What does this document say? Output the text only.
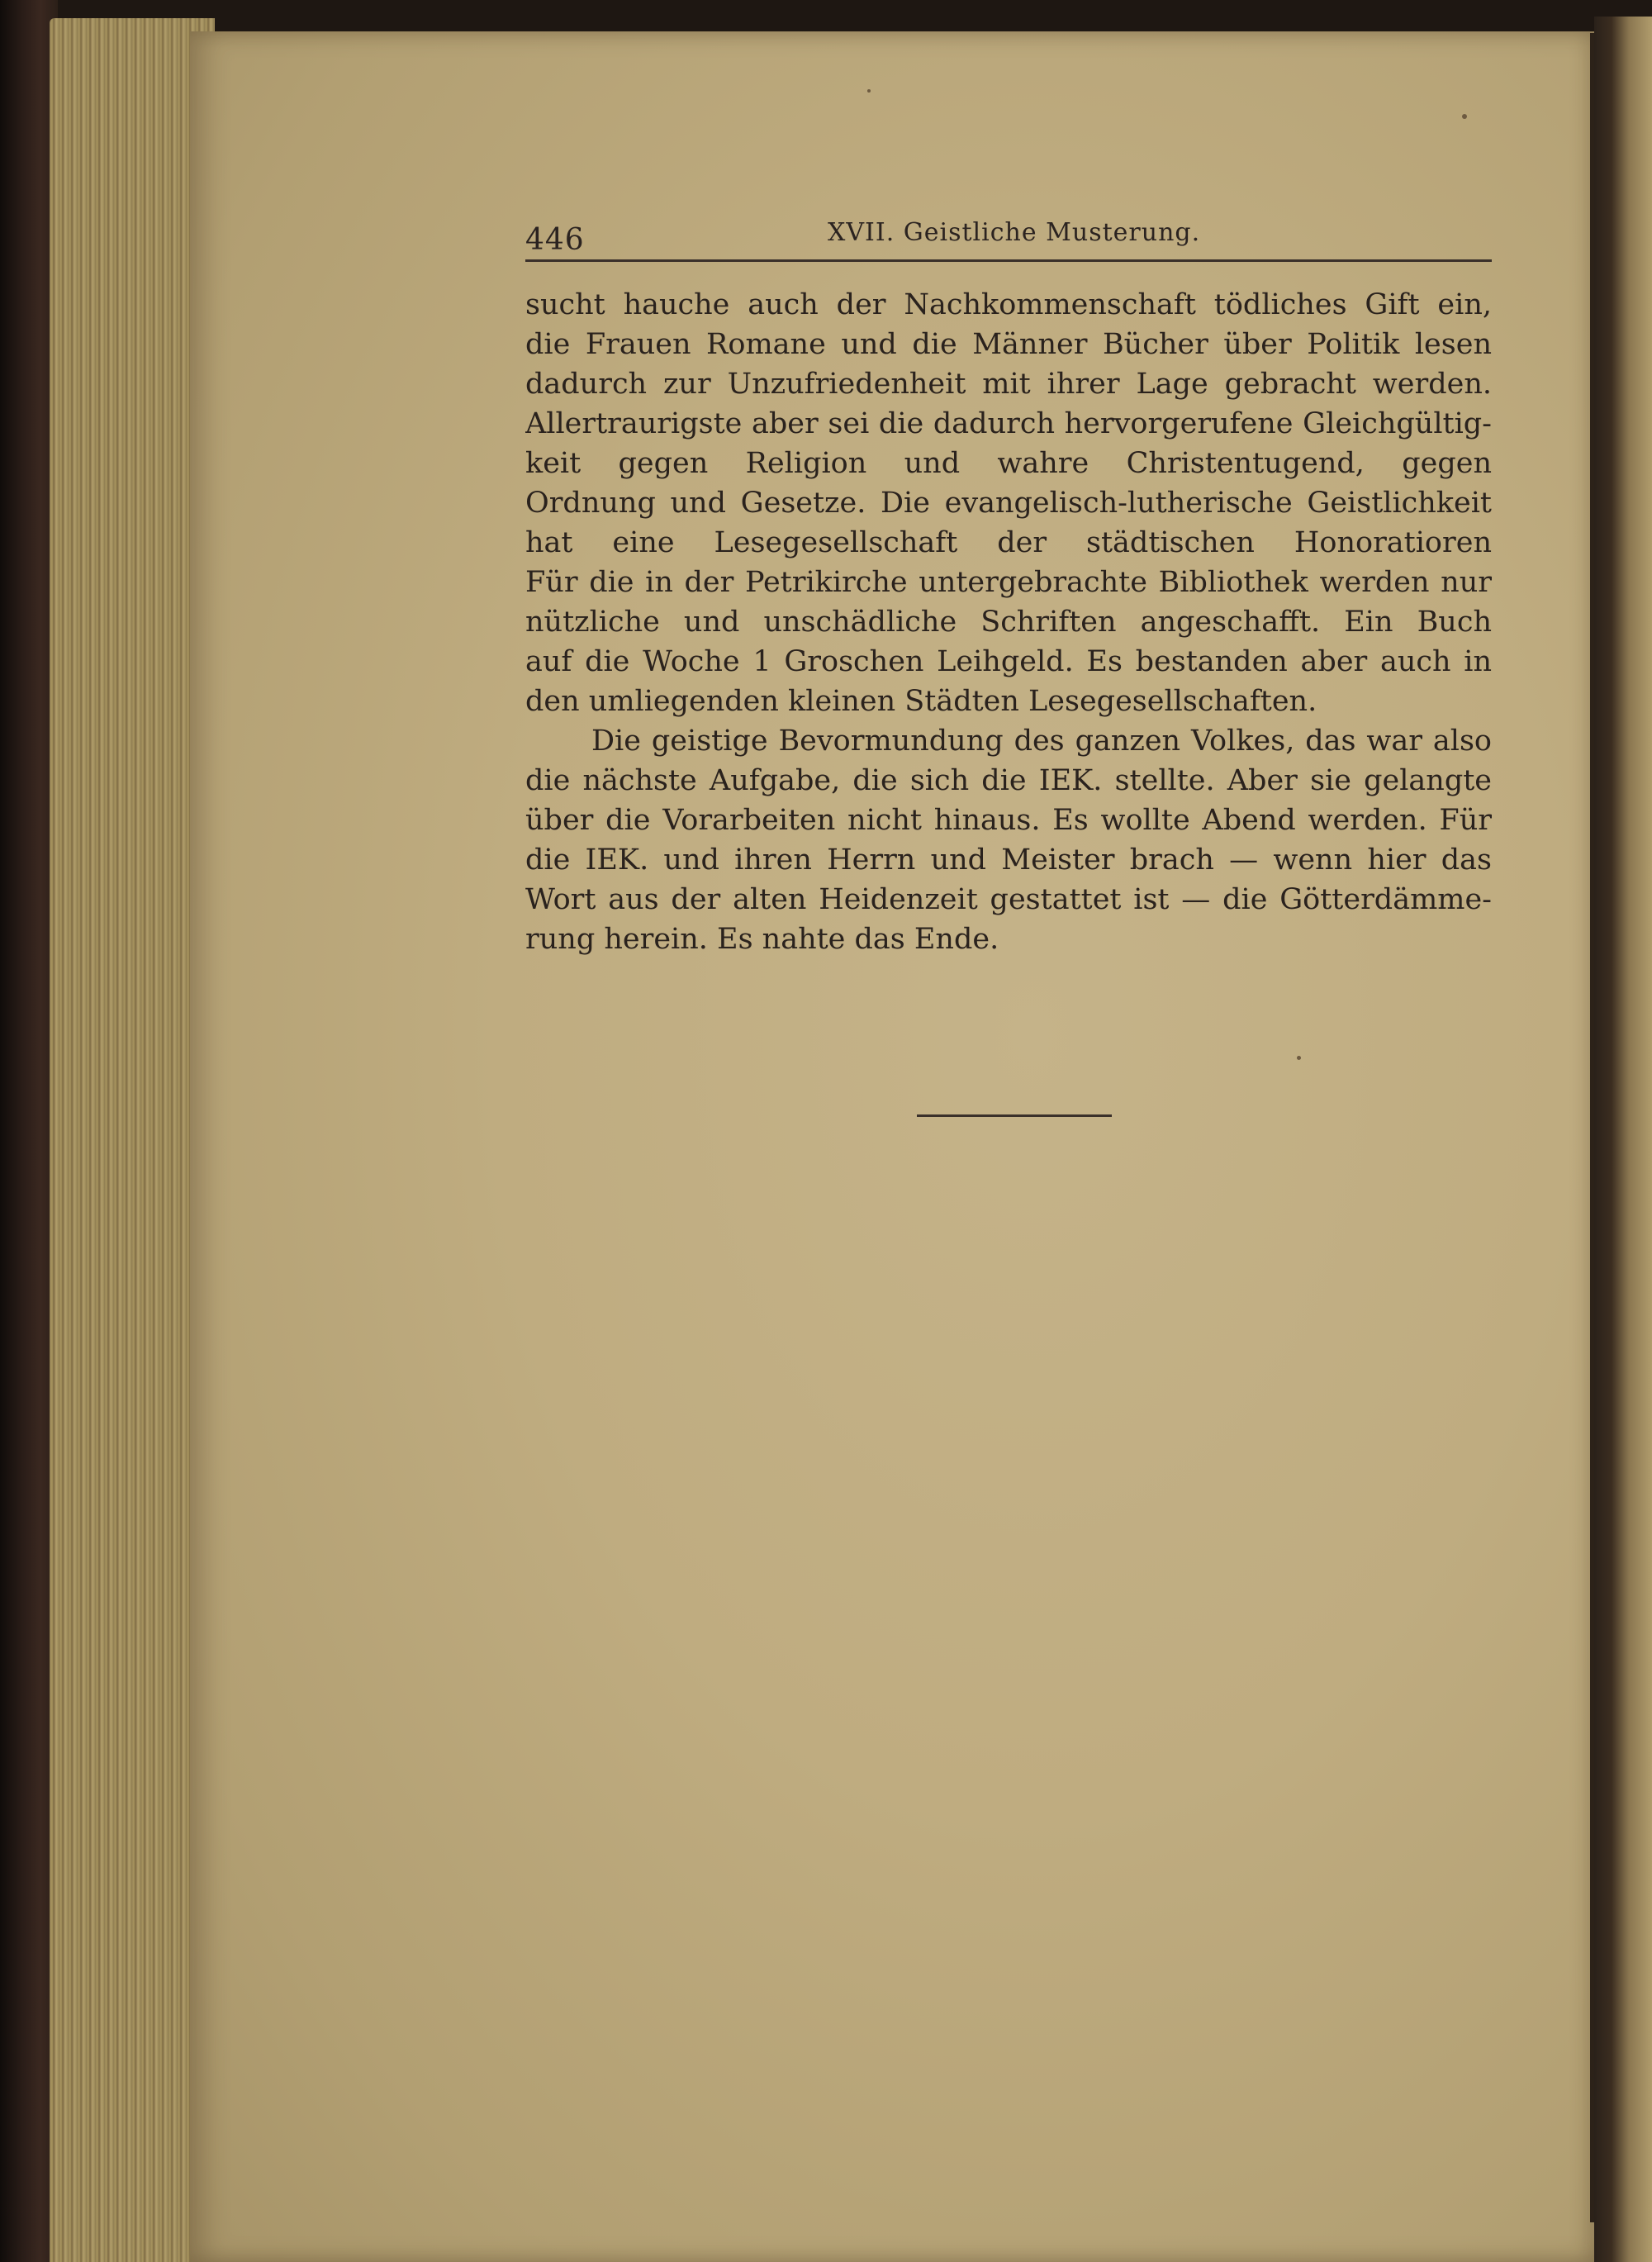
446	XVII. Geistliche Musterung.
sucht hauche auch der Nachkommenschaft tödliches Gift ein,
die Frauen Romane und die Männer Bücher über Politik lesen
dadurch zur Unzufriedenheit mit ihrer Lage gebracht werden.
Allertraurigste aber sei die dadurch hervorgerufene Gleichgültig-
keit gegen Religion und wahre Christentugend, gegen
Ordnung und Gesetze. Die evangelisch-lutherische Geistlichkeit
hat eine Lesegesellschaft der städtischen Honoratioren
Für die in der Petrikirche untergebrachte Bibliothek werden nur
nützliche und unschädliche Schriften angeschafft. Ein Buch
auf die Woche 1 Groschen Leihgeld. Es bestanden aber auch in
den umliegenden kleinen Städten Lesegesellschaften.
Die geistige Bevormundung des ganzen Volkes, das war also
die nächste Aufgabe, die sich die IEK. stellte. Aber sie gelangte
über die Vorarbeiten nicht hinaus. Es wollte Abend werden. Für
die IEK. und ihren Herrn und Meister brach — wenn hier das
Wort aus der alten Heidenzeit gestattet ist — die Götterdämme-
rung herein. Es nahte das Ende.
